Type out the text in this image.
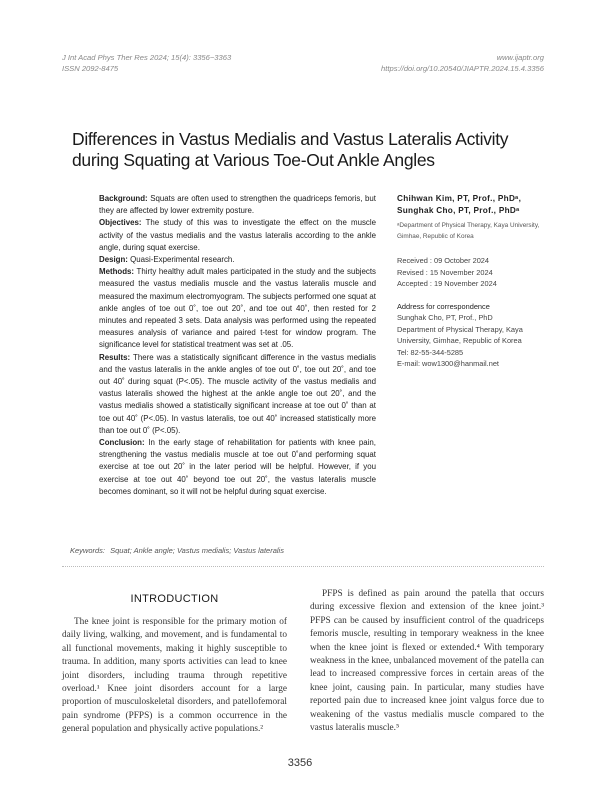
J Int Acad Phys Ther Res 2024; 15(4): 3356~3363
ISSN 2092-8475
www.ijaptr.org
https://doi.org/10.20540/JIAPTR.2024.15.4.3356
Differences in Vastus Medialis and Vastus Lateralis Activity during Squating at Various Toe-Out Ankle Angles

Background: Squats are often used to strengthen the quadriceps femoris, but they are affected by lower extremity posture.

Objectives: The study of this was to investigate the effect on the muscle activity of the vastus medialis and the vastus lateralis according to the ankle angle, during squat exercise.

Design: Quasi-Experimental research.

Methods: Thirty healthy adult males participated in the study and the subjects measured the vastus medialis muscle and the vastus lateralis muscle and measured the maximum electromyogram. The subjects performed one squat at ankle angles of toe out 0˚, toe out 20˚, and toe out 40˚, then rested for 2 minutes and repeated 3 sets. Data analysis was performed using the repeated measures analysis of variance and paired t-test for window program. The significance level for statistical treatment was set at .05.

Results: There was a statistically significant difference in the vastus medialis and the vastus lateralis in the ankle angles of toe out 0˚, toe out 20˚, and toe out 40˚ during squat (P<.05). The muscle activity of the vastus medialis and vastus lateralis showed the highest at the ankle angle toe out 20˚, and the vastus medialis showed a statistically significant increase at toe out 0˚ than at toe out 40˚ (P<.05). In vastus lateralis, toe out 40˚ increased statistically more than toe out 0˚ (P<.05).

Conclusion: In the early stage of rehabilitation for patients with knee pain, strengthening the vastus medialis muscle at toe out 0˚and performing squat exercise at toe out 20˚ in the later period will be helpful. However, if you exercise at toe out 40˚ beyond toe out 20˚, the vastus lateralis muscle becomes dominant, so it will not be helpful during squat exercise.

Chihwan Kim, PT, Prof., PhDᵃ,
Sunghak Cho, PT, Prof., PhDᵃ
ᵃDepartment of Physical Therapy, Kaya University, Gimhae, Republic of Korea
Received : 09 October 2024
Revised : 15 November 2024
Accepted : 19 November 2024
Address for correspondence
Sunghak Cho, PT, Prof., PhD
Department of Physical Therapy, Kaya University, Gimhae, Republic of Korea
Tel: 82-55-344-5285
E-mail: wow1300@hanmail.net
Keywords: Squat; Ankle angle; Vastus medialis; Vastus lateralis
INTRODUCTION

The knee joint is responsible for the primary motion of daily living, walking, and movement, and is fundamental to all functional movements, making it highly susceptible to trauma. In addition, many sports activities can lead to knee joint disorders, including trauma through repetitive overload.¹ Knee joint disorders account for a large proportion of musculoskeletal disorders, and patellofemoral pain syndrome (PFPS) is a common occurrence in the general population and physically active populations.²

PFPS is defined as pain around the patella that occurs during excessive flexion and extension of the knee joint.³ PFPS can be caused by insufficient control of the quadriceps femoris muscle, resulting in temporary weakness in the knee when the knee joint is flexed or extended.⁴ With temporary weakness in the knee, unbalanced movement of the patella can lead to increased compressive forces in certain areas of the knee joint, causing pain. In particular, many studies have reported pain due to increased knee joint valgus force due to weakening of the vastus medialis muscle compared to the vastus lateralis muscle.⁵

3356
